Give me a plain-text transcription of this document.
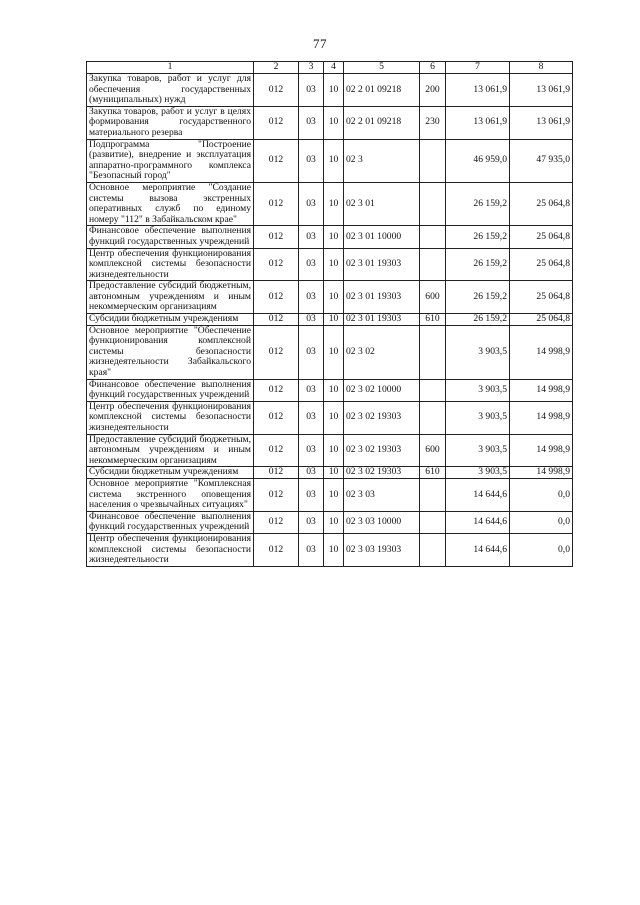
77
1	2	3	4	5	6	7	8
Закупка товаров, работ и услуг для обеспечения государственных (муниципальных) нужд	012	03	10	02 2 01 09218	200	13 061,9	13 061,9
Закупка товаров, работ и услуг в целях формирования государственного материального резерва	012	03	10	02 2 01 09218	230	13 061,9	13 061,9
Подпрограмма "Построение (развитие), внедрение и эксплуатация аппаратно-программного комплекса "Безопасный город"	012	03	10	02 3		46 959,0	47 935,0
Основное мероприятие "Создание системы вызова экстренных оперативных служб по единому номеру "112" в Забайкальском крае"	012	03	10	02 3 01		26 159,2	25 064,8
Финансовое обеспечение выполнения функций государственных учреждений	012	03	10	02 3 01 10000		26 159,2	25 064,8
Центр обеспечения функционирования комплексной системы безопасности жизнедеятельности	012	03	10	02 3 01 19303		26 159,2	25 064,8
Предоставление субсидий бюджетным, автономным учреждениям и иным некоммерческим организациям	012	03	10	02 3 01 19303	600	26 159,2	25 064,8
Субсидии бюджетным учреждениям	012	03	10	02 3 01 19303	610	26 159,2	25 064,8
Основное мероприятие "Обеспечение функционирования комплексной системы безопасности жизнедеятельности Забайкальского края"	012	03	10	02 3 02		3 903,5	14 998,9
Финансовое обеспечение выполнения функций государственных учреждений	012	03	10	02 3 02 10000		3 903,5	14 998,9
Центр обеспечения функционирования комплексной системы безопасности жизнедеятельности	012	03	10	02 3 02 19303		3 903,5	14 998,9
Предоставление субсидий бюджетным, автономным учреждениям и иным некоммерческим организациям	012	03	10	02 3 02 19303	600	3 903,5	14 998,9
Субсидии бюджетным учреждениям	012	03	10	02 3 02 19303	610	3 903,5	14 998,9
Основное мероприятие "Комплексная система экстренного оповещения населения о чрезвычайных ситуациях"	012	03	10	02 3 03		14 644,6	0,0
Финансовое обеспечение выполнения функций государственных учреждений	012	03	10	02 3 03 10000		14 644,6	0,0
Центр обеспечения функционирования комплексной системы безопасности жизнедеятельности	012	03	10	02 3 03 19303		14 644,6	0,0
